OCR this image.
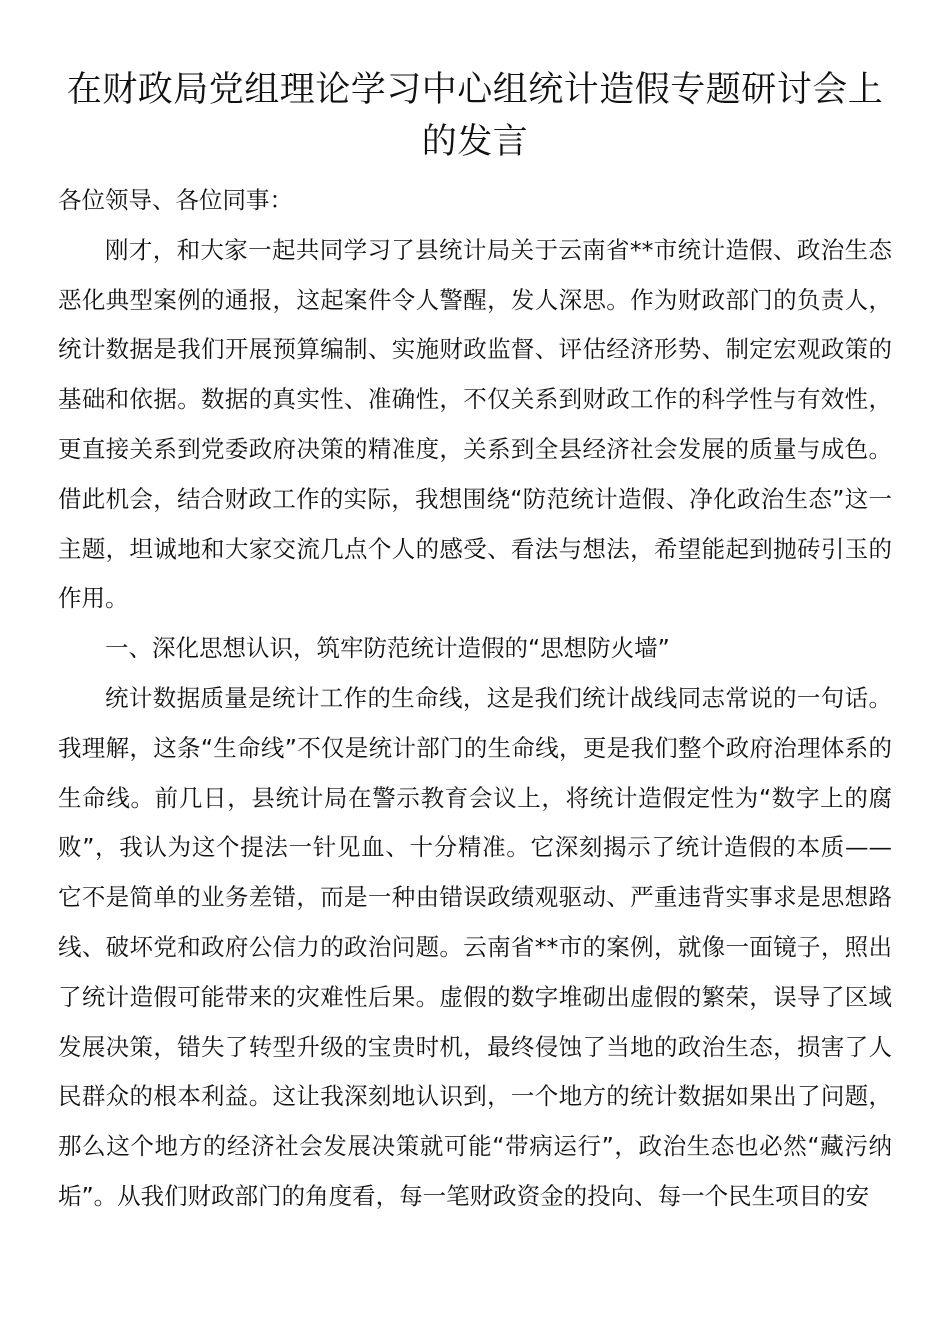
在财政局党组理论学习中心组统计造假专题研讨会上的发言

各位领导、各位同事：

刚才，和大家一起共同学习了县统计局关于云南省**市统计造假、政治生态恶化典型案例的通报，这起案件令人警醒，发人深思。作为财政部门的负责人，统计数据是我们开展预算编制、实施财政监督、评估经济形势、制定宏观政策的基础和依据。数据的真实性、准确性，不仅关系到财政工作的科学性与有效性，更直接关系到党委政府决策的精准度，关系到全县经济社会发展的质量与成色。借此机会，结合财政工作的实际，我想围绕“防范统计造假、净化政治生态”这一主题，坦诚地和大家交流几点个人的感受、看法与想法，希望能起到抛砖引玉的作用。

一、深化思想认识，筑牢防范统计造假的“思想防火墙”

统计数据质量是统计工作的生命线，这是我们统计战线同志常说的一句话。我理解，这条“生命线”不仅是统计部门的生命线，更是我们整个政府治理体系的生命线。前几日，县统计局在警示教育会议上，将统计造假定性为“数字上的腐败”，我认为这个提法一针见血、十分精准。它深刻揭示了统计造假的本质——它不是简单的业务差错，而是一种由错误政绩观驱动、严重违背实事求是思想路线、破坏党和政府公信力的政治问题。云南省**市的案例，就像一面镜子，照出了统计造假可能带来的灾难性后果。虚假的数字堆砌出虚假的繁荣，误导了区域发展决策，错失了转型升级的宝贵时机，最终侵蚀了当地的政治生态，损害了人民群众的根本利益。这让我深刻地认识到，一个地方的统计数据如果出了问题，那么这个地方的经济社会发展决策就可能“带病运行”，政治生态也必然“藏污纳垢”。从我们财政部门的角度看，每一笔财政资金的投向、每一个民生项目的安
